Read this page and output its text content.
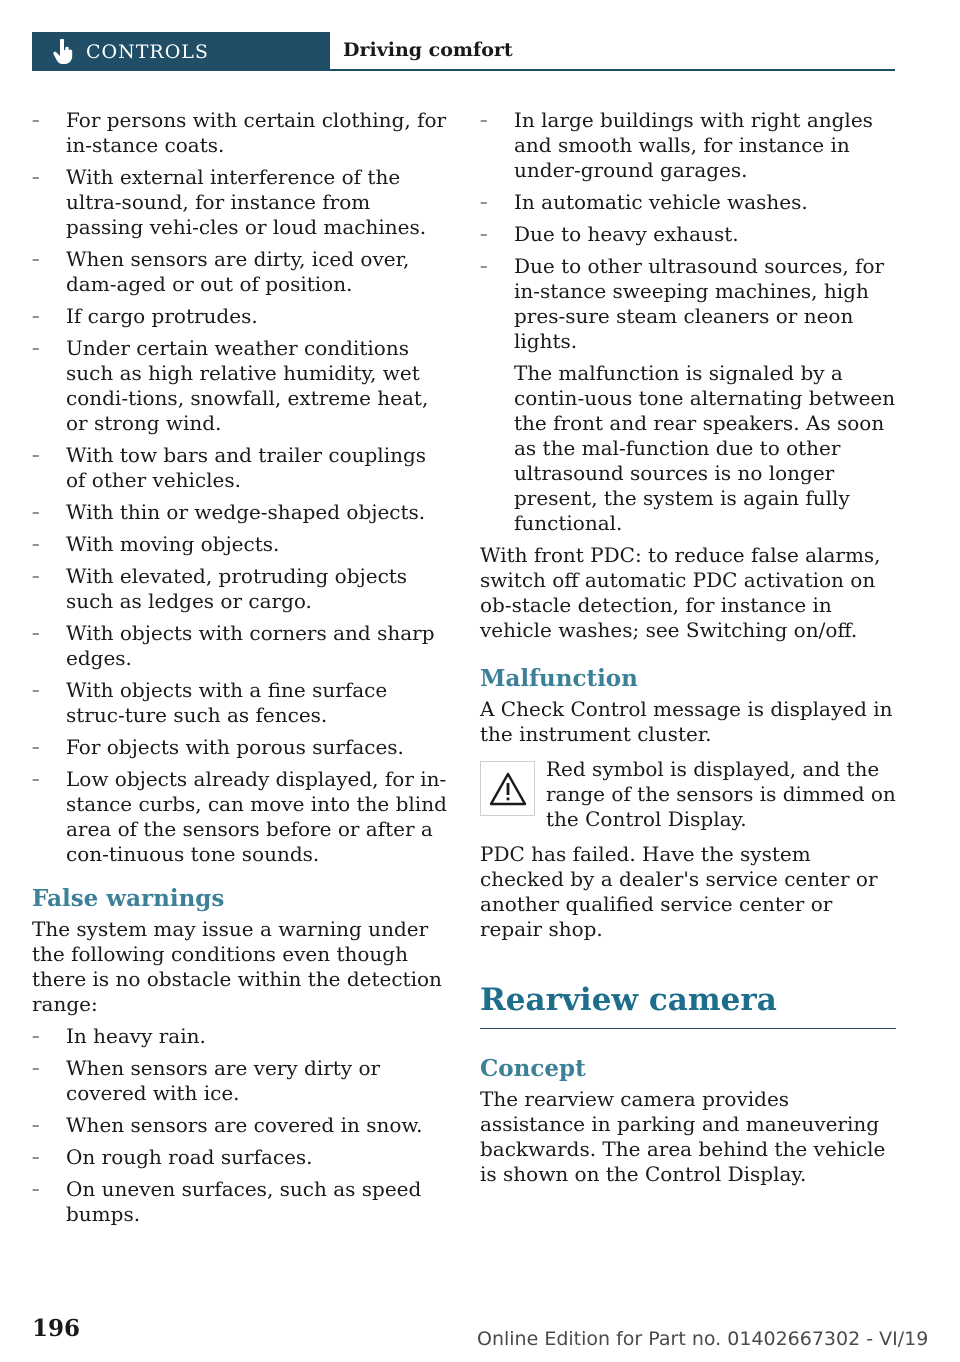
CONTROLS	Driving comfort
– For persons with certain clothing, for in-stance coats.
– With external interference of the ultra-sound, for instance from passing vehi-cles or loud machines.
– When sensors are dirty, iced over, dam-aged or out of position.
– If cargo protrudes.
– Under certain weather conditions such as high relative humidity, wet condi-tions, snowfall, extreme heat, or strong wind.
– With tow bars and trailer couplings of other vehicles.
– With thin or wedge-shaped objects.
– With moving objects.
– With elevated, protruding objects such as ledges or cargo.
– With objects with corners and sharp edges.
– With objects with a fine surface struc-ture such as fences.
– For objects with porous surfaces.
– Low objects already displayed, for in-stance curbs, can move into the blind area of the sensors before or after a con-tinuous tone sounds.
False warnings

The system may issue a warning under the following conditions even though there is no obstacle within the detection range:

– In heavy rain.
– When sensors are very dirty or covered with ice.
– When sensors are covered in snow.
– On rough road surfaces.
– On uneven surfaces, such as speed bumps.
– In large buildings with right angles and smooth walls, for instance in under-ground garages.
– In automatic vehicle washes.
– Due to heavy exhaust.
– Due to other ultrasound sources, for in-stance sweeping machines, high pres-sure steam cleaners or neon lights.

The malfunction is signaled by a contin-uous tone alternating between the front and rear speakers. As soon as the mal-function due to other ultrasound sources is no longer present, the system is again fully functional.

With front PDC: to reduce false alarms, switch off automatic PDC activation on ob-stacle detection, for instance in vehicle washes; see Switching on/off.

Malfunction

A Check Control message is displayed in the instrument cluster.

Red symbol is displayed, and the range of the sensors is dimmed on the Control Display.

PDC has failed. Have the system checked by a dealer's service center or another qualified service center or repair shop.

Rearview camera
Concept

The rearview camera provides assistance in parking and maneuvering backwards. The area behind the vehicle is shown on the Control Display.

196	Online Edition for Part no. 01402667302 - VI/19
